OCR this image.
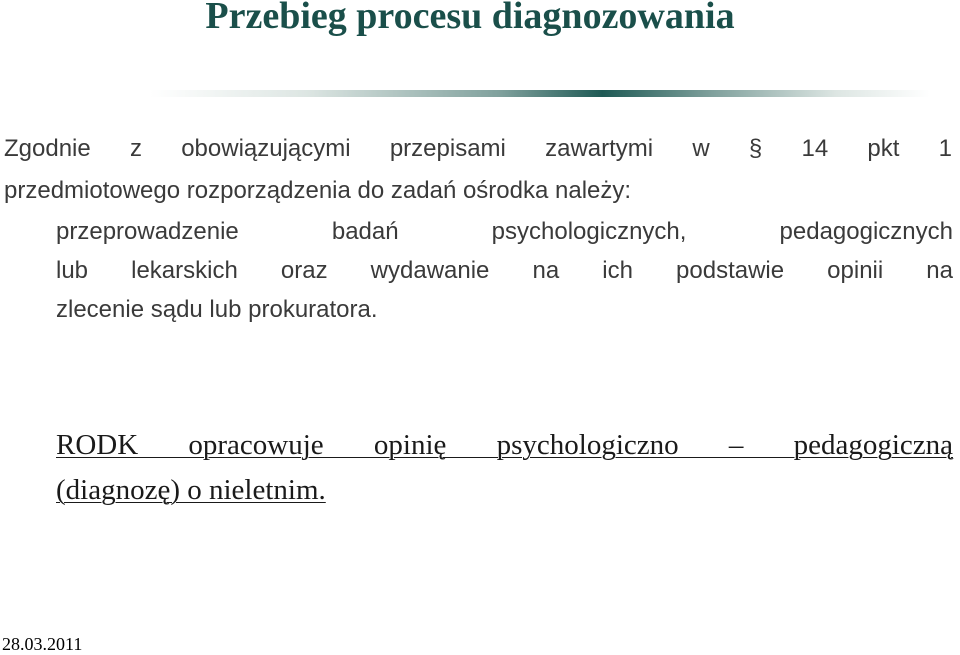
Przebieg procesu diagnozowania
Zgodnie z obowiązującymi przepisami zawartymi w § 14 pkt 1
przedmiotowego rozporządzenia do zadań ośrodka należy:
przeprowadzenie badań psychologicznych, pedagogicznych
lub lekarskich oraz wydawanie na ich podstawie opinii na
zlecenie sądu lub prokuratora.
RODK opracowuje opinię psychologiczno – pedagogiczną
(diagnozę) o nieletnim.
28.03.2011
